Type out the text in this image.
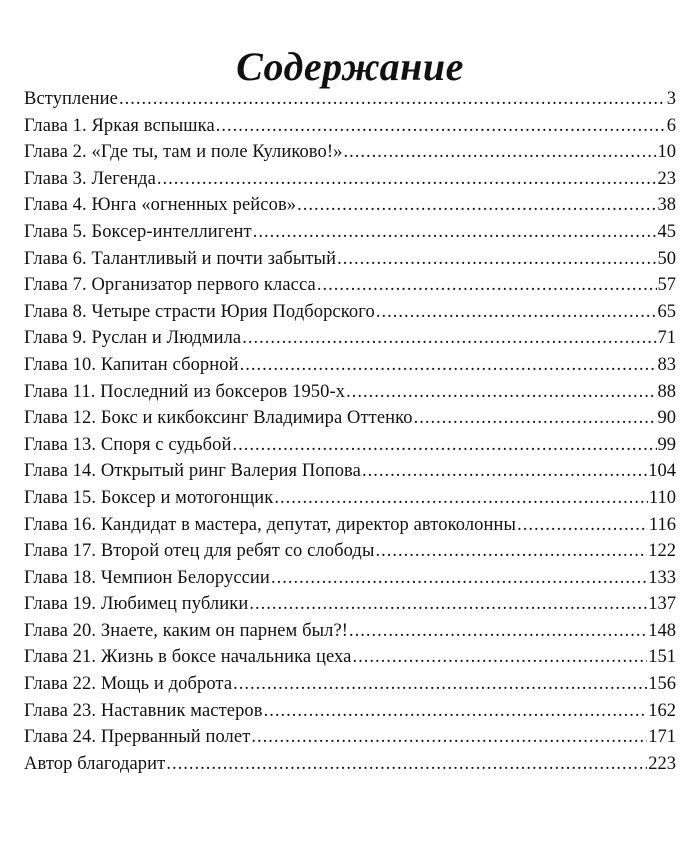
Содержание
Вступление .....	3
Глава 1. Яркая вспышка .....	6
Глава 2. «Где ты, там и поле Куликово!» .....	10
Глава 3. Легенда .....	23
Глава 4. Юнга «огненных рейсов» .....	38
Глава 5. Боксер-интеллигент .....	45
Глава 6. Талантливый и почти забытый .....	50
Глава 7. Организатор первого класса .....	57
Глава 8. Четыре страсти Юрия Подборского .....	65
Глава 9. Руслан и Людмила .....	71
Глава 10. Капитан сборной .....	83
Глава 11. Последний из боксеров 1950-х .....	88
Глава 12. Бокс и кикбоксинг Владимира Оттенко .....	90
Глава 13. Споря с судьбой .....	99
Глава 14. Открытый ринг Валерия Попова .....	104
Глава 15. Боксер и мотогонщик .....	110
Глава 16. Кандидат в мастера, депутат, директор автоколонны .....	116
Глава 17. Второй отец для ребят со слободы .....	122
Глава 18. Чемпион Белоруссии .....	133
Глава 19. Любимец публики .....	137
Глава 20. Знаете, каким он парнем был?! .....	148
Глава 21. Жизнь в боксе начальника цеха .....	151
Глава 22. Мощь и доброта .....	156
Глава 23. Наставник мастеров .....	162
Глава 24. Прерванный полет .....	171
Автор благодарит .....	223
